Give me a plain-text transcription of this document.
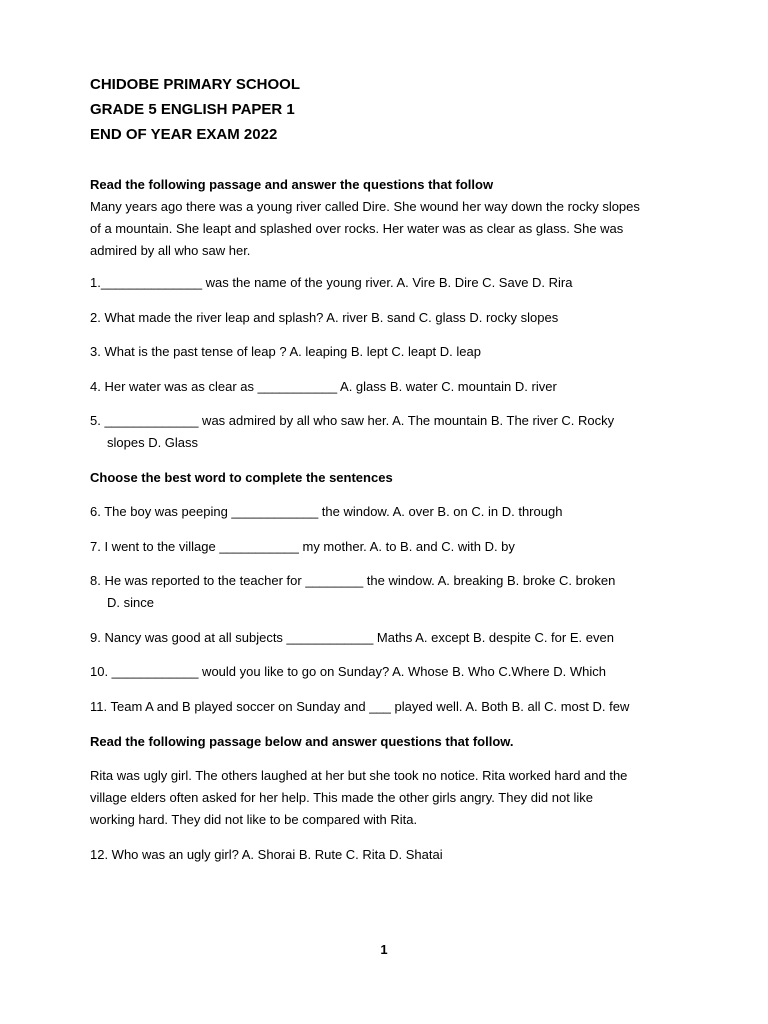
CHIDOBE PRIMARY SCHOOL
GRADE 5 ENGLISH PAPER 1
END OF YEAR EXAM 2022
Read the following passage and answer the questions that follow
Many years ago there was a young river called Dire. She wound her way down the rocky slopes
of a mountain. She leapt and splashed over rocks. Her water was as clear as glass. She was
admired by all who saw her.
1.______________ was the name of the young river. A. Vire B. Dire C. Save D. Rira
2. What made the river leap and splash? A. river B. sand C. glass D. rocky slopes
3. What is the past tense of leap ? A. leaping B. lept C. leapt D. leap
4. Her water was as clear as ___________ A. glass B. water C. mountain D. river
5. _____________ was admired by all who saw her. A. The mountain B. The river C. Rocky
slopes D. Glass
Choose the best word to complete the sentences
6. The boy was peeping ____________ the window. A. over B. on C. in D. through
7. I went to the village ___________ my mother. A. to B. and C. with D. by
8. He was reported to the teacher for ________ the window. A. breaking B. broke C. broken
D. since
9. Nancy was good at all subjects ____________ Maths A. except B. despite C. for E. even
10. ____________ would you like to go on Sunday? A. Whose B. Who C.Where D. Which
11. Team A and B played soccer on Sunday and ___ played well. A. Both B. all C. most D. few
Read the following passage below and answer questions that follow.
Rita was ugly girl. The others laughed at her but she took no notice. Rita worked hard and the
village elders often asked for her help. This made the other girls angry. They did not like
working hard. They did not like to be compared with Rita.
12. Who was an ugly girl? A. Shorai B. Rute C. Rita D. Shatai
1
